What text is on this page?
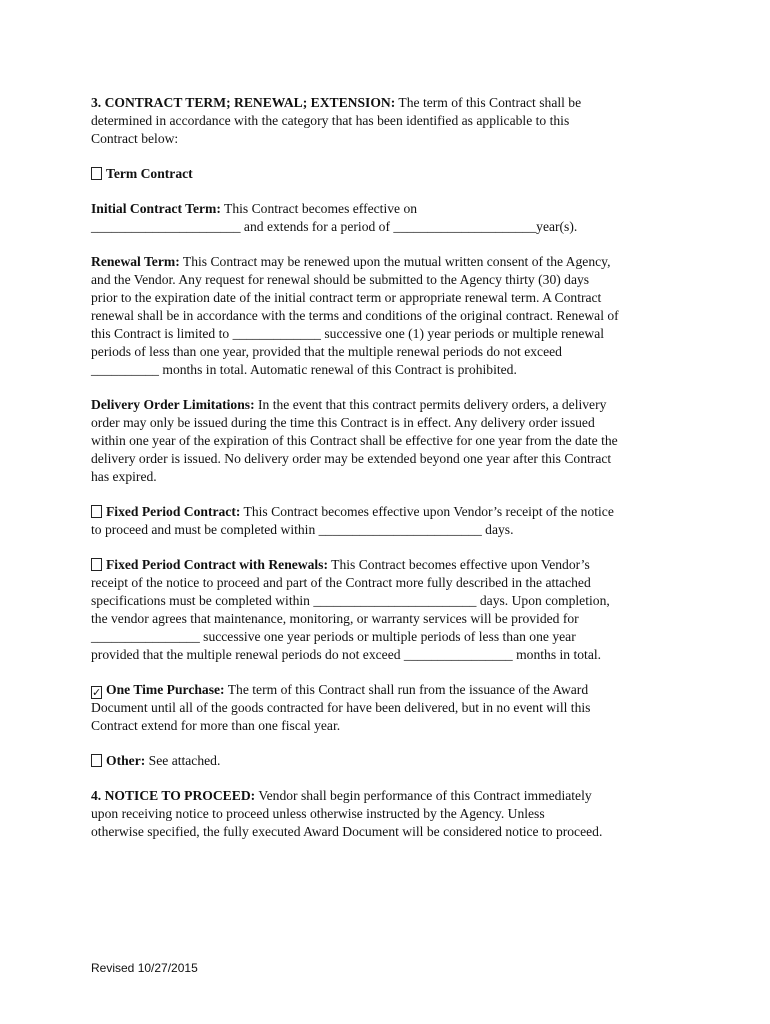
3. CONTRACT TERM; RENEWAL; EXTENSION: The term of this Contract shall be
determined in accordance with the category that has been identified as applicable to this
Contract below:
Term Contract
Initial Contract Term: This Contract becomes effective on
______________________ and extends for a period of _____________________year(s).
Renewal Term: This Contract may be renewed upon the mutual written consent of the Agency,
and the Vendor. Any request for renewal should be submitted to the Agency thirty (30) days
prior to the expiration date of the initial contract term or appropriate renewal term. A Contract
renewal shall be in accordance with the terms and conditions of the original contract. Renewal of
this Contract is limited to _____________ successive one (1) year periods or multiple renewal
periods of less than one year, provided that the multiple renewal periods do not exceed
__________ months in total. Automatic renewal of this Contract is prohibited.
Delivery Order Limitations: In the event that this contract permits delivery orders, a delivery
order may only be issued during the time this Contract is in effect. Any delivery order issued
within one year of the expiration of this Contract shall be effective for one year from the date the
delivery order is issued. No delivery order may be extended beyond one year after this Contract
has expired.
Fixed Period Contract: This Contract becomes effective upon Vendor’s receipt of the notice
to proceed and must be completed within ________________________ days.
Fixed Period Contract with Renewals: This Contract becomes effective upon Vendor’s
receipt of the notice to proceed and part of the Contract more fully described in the attached
specifications must be completed within ________________________ days. Upon completion,
the vendor agrees that maintenance, monitoring, or warranty services will be provided for
________________ successive one year periods or multiple periods of less than one year
provided that the multiple renewal periods do not exceed ________________ months in total.
✓ One Time Purchase: The term of this Contract shall run from the issuance of the Award
Document until all of the goods contracted for have been delivered, but in no event will this
Contract extend for more than one fiscal year.
Other: See attached.
4. NOTICE TO PROCEED: Vendor shall begin performance of this Contract immediately
upon receiving notice to proceed unless otherwise instructed by the Agency. Unless
otherwise specified, the fully executed Award Document will be considered notice to proceed.
Revised 10/27/2015
